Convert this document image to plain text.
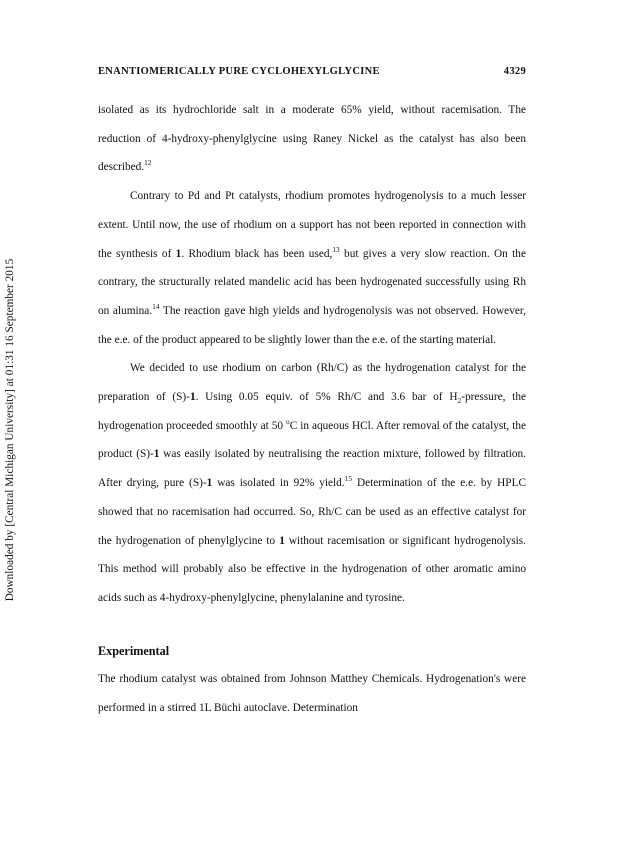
Downloaded by [Central Michigan University] at 01:31 16 September 2015
ENANTIOMERICALLY PURE CYCLOHEXYLGLYCINE	4329

isolated as its hydrochloride salt in a moderate 65% yield, without racemisation. The reduction of 4-hydroxy-phenylglycine using Raney Nickel as the catalyst has also been described.$^{12}$

Contrary to Pd and Pt catalysts, rhodium promotes hydrogenolysis to a much lesser extent. Until now, the use of rhodium on a support has not been reported in connection with the synthesis of 1. Rhodium black has been used,$^{13}$ but gives a very slow reaction. On the contrary, the structurally related mandelic acid has been hydrogenated successfully using Rh on alumina.$^{14}$ The reaction gave high yields and hydrogenolysis was not observed. However, the e.e. of the product appeared to be slightly lower than the e.e. of the starting material.

We decided to use rhodium on carbon (Rh/C) as the hydrogenation catalyst for the preparation of (S)-1. Using 0.05 equiv. of 5% Rh/C and 3.6 bar of $H_2$-pressure, the hydrogenation proceeded smoothly at 50 $^o$C in aqueous HCl. After removal of the catalyst, the product (S)-1 was easily isolated by neutralising the reaction mixture, followed by filtration. After drying, pure (S)-1 was isolated in 92% yield.$^{15}$ Determination of the e.e. by HPLC showed that no racemisation had occurred. So, Rh/C can be used as an effective catalyst for the hydrogenation of phenylglycine to 1 without racemisation or significant hydrogenolysis. This method will probably also be effective in the hydrogenation of other aromatic amino acids such as 4-hydroxy-phenylglycine, phenylalanine and tyrosine.

Experimental

The rhodium catalyst was obtained from Johnson Matthey Chemicals. Hydrogenation's were performed in a stirred 1L Büchi autoclave. Determination
